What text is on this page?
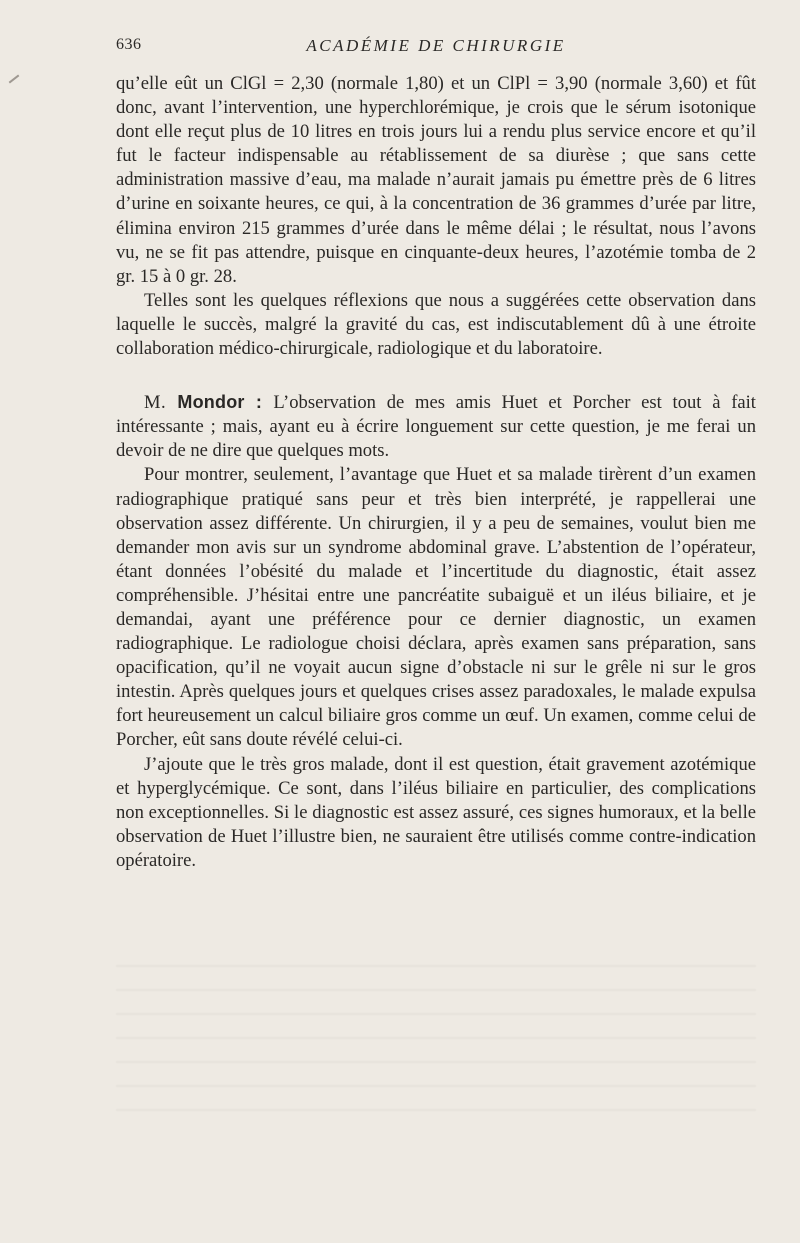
636	ACADÉMIE DE CHIRURGIE

qu’elle eût un ClGl = 2,30 (normale 1,80) et un ClPl = 3,90 (normale 3,60) et fût donc, avant l’intervention, une hyperchlorémique, je crois que le sérum isotonique dont elle reçut plus de 10 litres en trois jours lui a rendu plus service encore et qu’il fut le facteur indispensable au rétablissement de sa diurèse ; que sans cette administration massive d’eau, ma malade n’aurait jamais pu émettre près de 6 litres d’urine en soixante heures, ce qui, à la concentration de 36 grammes d’urée par litre, élimina environ 215 grammes d’urée dans le même délai ; le résultat, nous l’avons vu, ne se fit pas attendre, puisque en cinquante-deux heures, l’azotémie tomba de 2 gr. 15 à 0 gr. 28.

Telles sont les quelques réflexions que nous a suggérées cette observation dans laquelle le succès, malgré la gravité du cas, est indiscutablement dû à une étroite collaboration médico-chirurgicale, radiologique et du laboratoire.

M. Mondor : L’observation de mes amis Huet et Porcher est tout à fait intéressante ; mais, ayant eu à écrire longuement sur cette question, je me ferai un devoir de ne dire que quelques mots.

Pour montrer, seulement, l’avantage que Huet et sa malade tirèrent d’un examen radiographique pratiqué sans peur et très bien interprété, je rappellerai une observation assez différente. Un chirurgien, il y a peu de semaines, voulut bien me demander mon avis sur un syndrome abdominal grave. L’abstention de l’opérateur, étant données l’obésité du malade et l’incertitude du diagnostic, était assez compréhensible. J’hésitai entre une pancréatite subaiguë et un iléus biliaire, et je demandai, ayant une préférence pour ce dernier diagnostic, un examen radiographique. Le radiologue choisi déclara, après examen sans préparation, sans opacification, qu’il ne voyait aucun signe d’obstacle ni sur le grêle ni sur le gros intestin. Après quelques jours et quelques crises assez paradoxales, le malade expulsa fort heureusement un calcul biliaire gros comme un œuf. Un examen, comme celui de Porcher, eût sans doute révélé celui-ci.

J’ajoute que le très gros malade, dont il est question, était gravement azotémique et hyperglycémique. Ce sont, dans l’iléus biliaire en particulier, des complications non exceptionnelles. Si le diagnostic est assez assuré, ces signes humoraux, et la belle observation de Huet l’illustre bien, ne sauraient être utilisés comme contre-indication opératoire.
